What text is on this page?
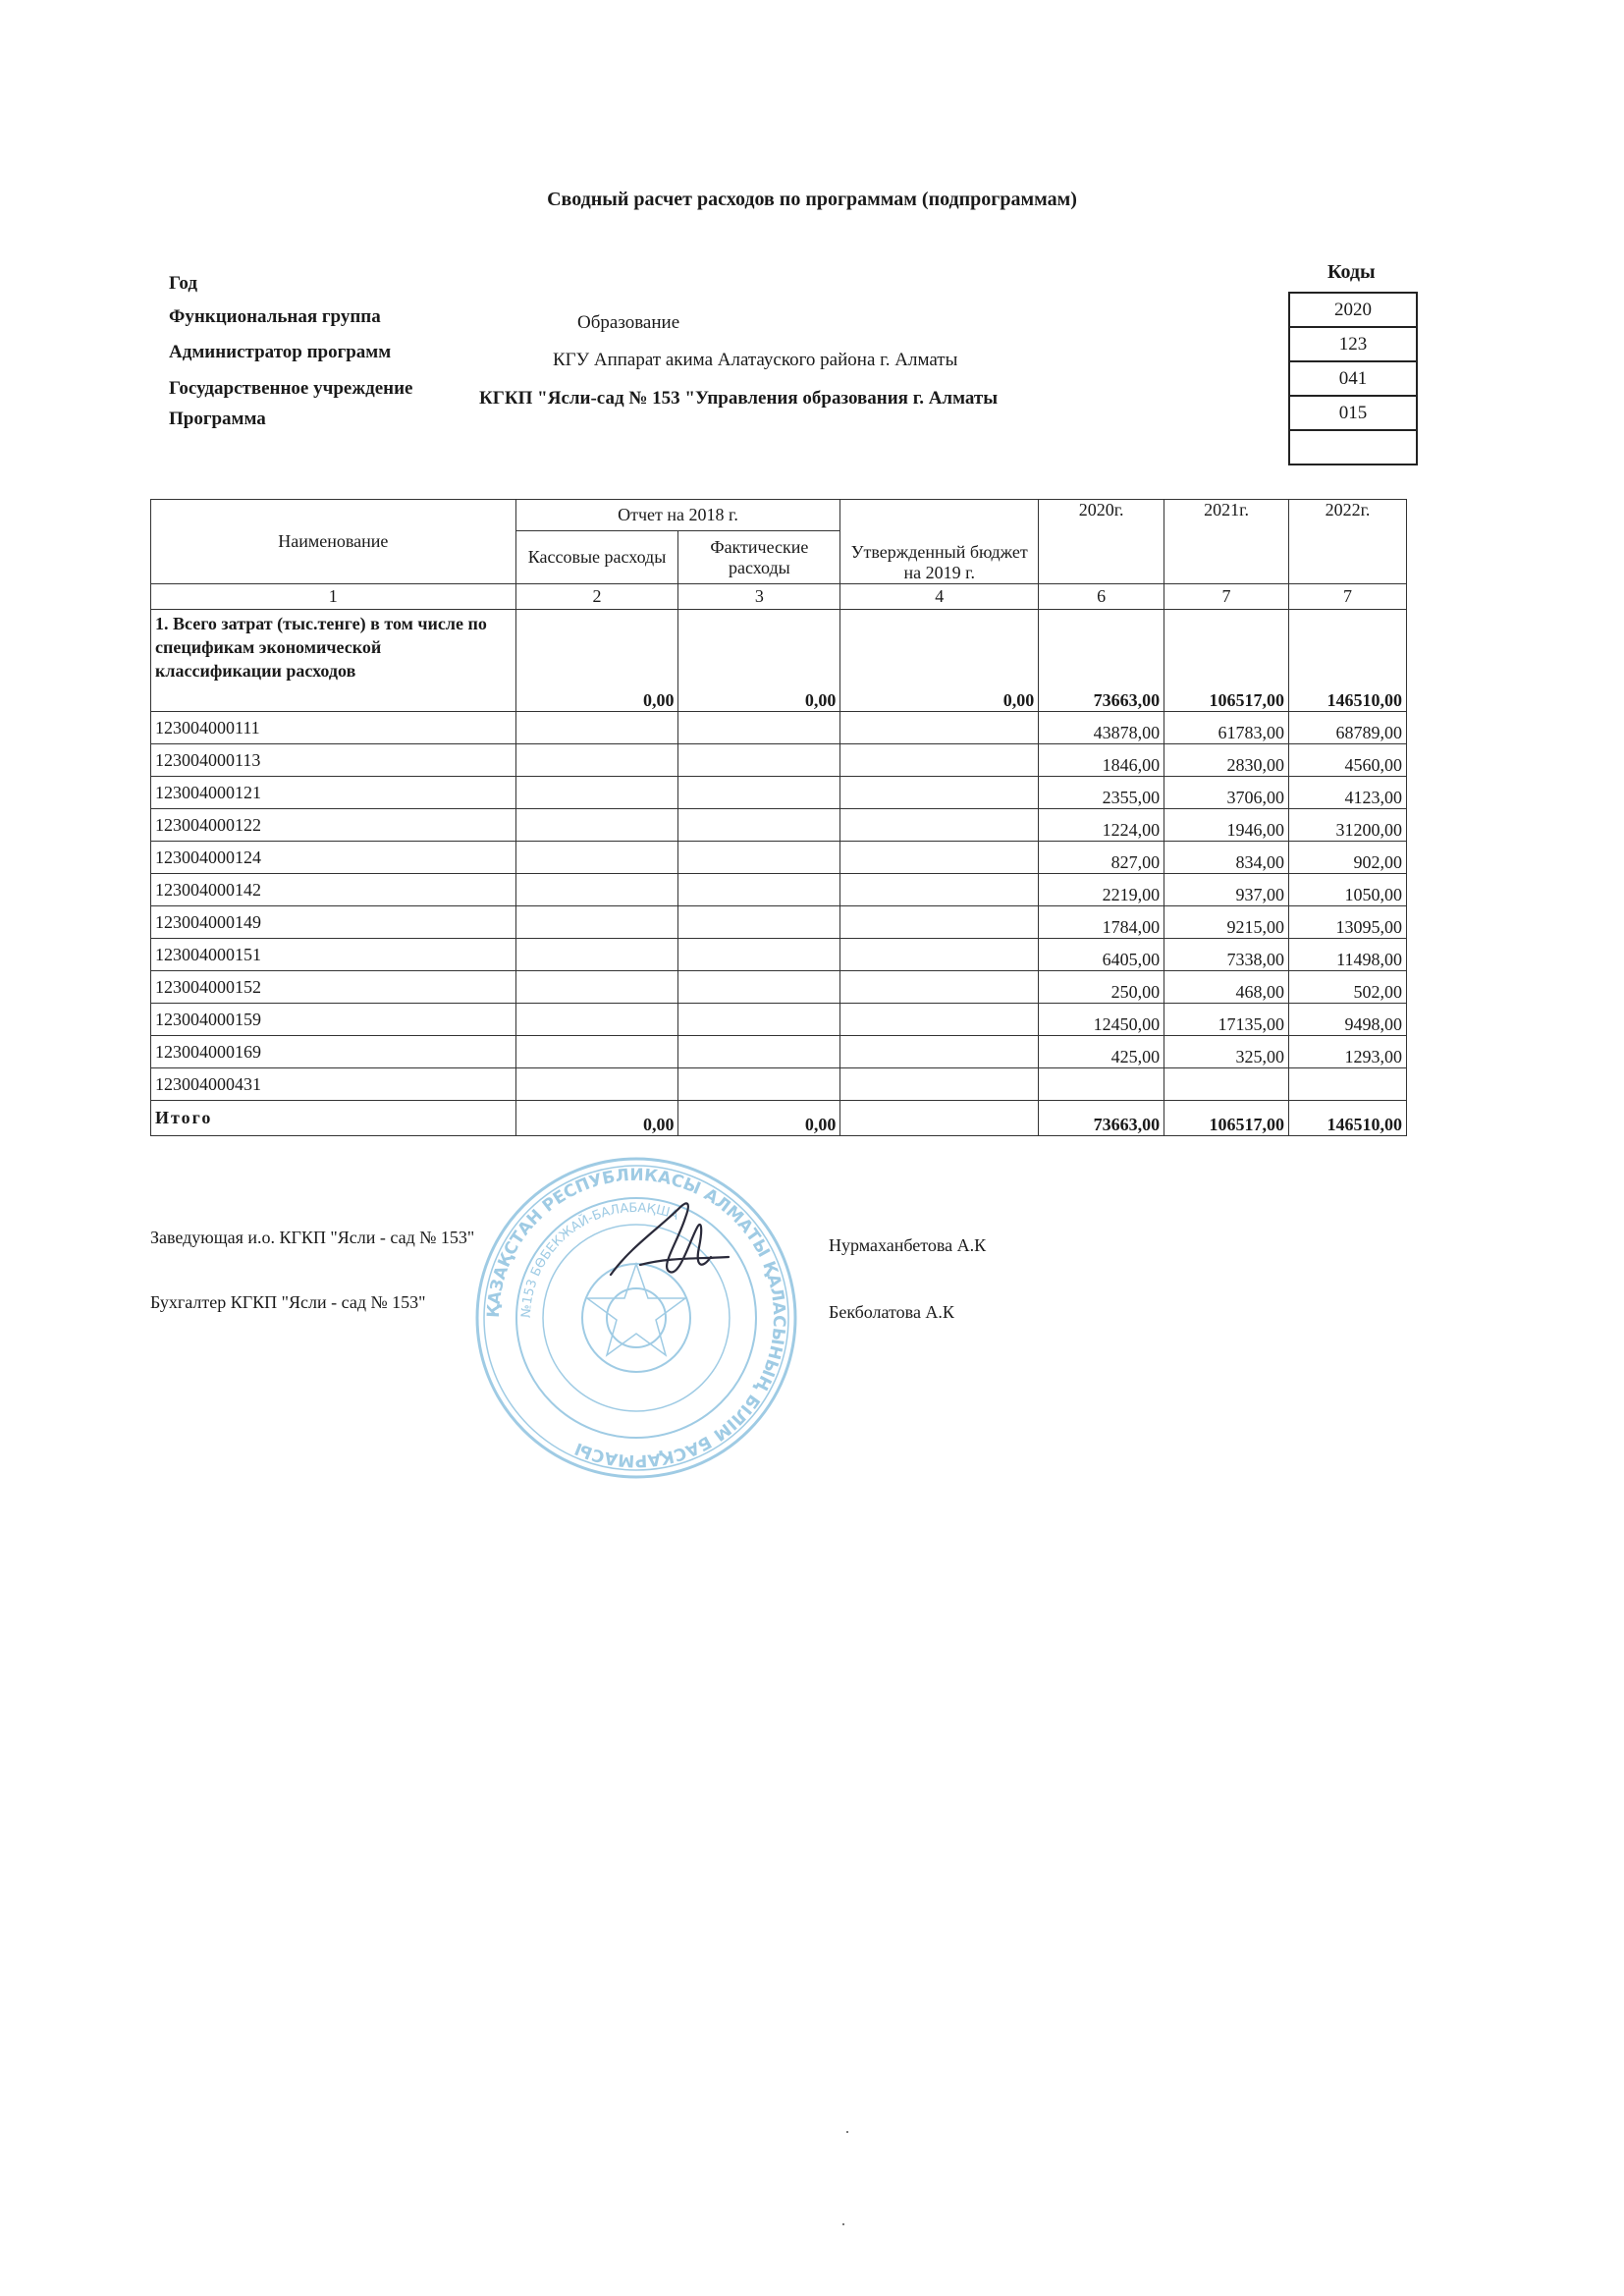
Сводный расчет расходов по программам (подпрограммам)
Год
Функциональная группа	Образование
Администратор программ	КГУ Аппарат акима Алатауского района г. Алматы
Государственное учреждение	КГКП "Ясли-сад № 153 "Управления образования г. Алматы
Программа
Коды
2020
123
041
015
Наименование	Отчет на 2018 г.		Утвержденный бюджет на 2019 г.	2020г.	2021г.	2022г.
	Кассовые расходы	Фактические расходы				
1	2	3	4	6	7	7
1. Всего затрат (тыс.тенге) в том числе по спецификам экономической классификации расходов	0,00	0,00	0,00	73663,00	106517,00	146510,00
123004000111				43878,00	61783,00	68789,00
123004000113				1846,00	2830,00	4560,00
123004000121				2355,00	3706,00	4123,00
123004000122				1224,00	1946,00	31200,00
123004000124				827,00	834,00	902,00
123004000142				2219,00	937,00	1050,00
123004000149				1784,00	9215,00	13095,00
123004000151				6405,00	7338,00	11498,00
123004000152				250,00	468,00	502,00
123004000159				12450,00	17135,00	9498,00
123004000169				425,00	325,00	1293,00
123004000431						
Итого	0,00	0,00		73663,00	106517,00	146510,00
ҚАЗАҚСТАН РЕСПУБЛИКАСЫ АЛМАТЫ ҚАЛАСЫНЫҢ БІЛІМ БАСҚАРМАСЫ
№153 БӨБЕКЖАЙ-БАЛАБАҚША
Заведующая и.о. КГКП "Ясли - сад № 153"	Нурмаханбетова А.К
Бухгалтер КГКП "Ясли - сад № 153"	Бекболатова А.К
